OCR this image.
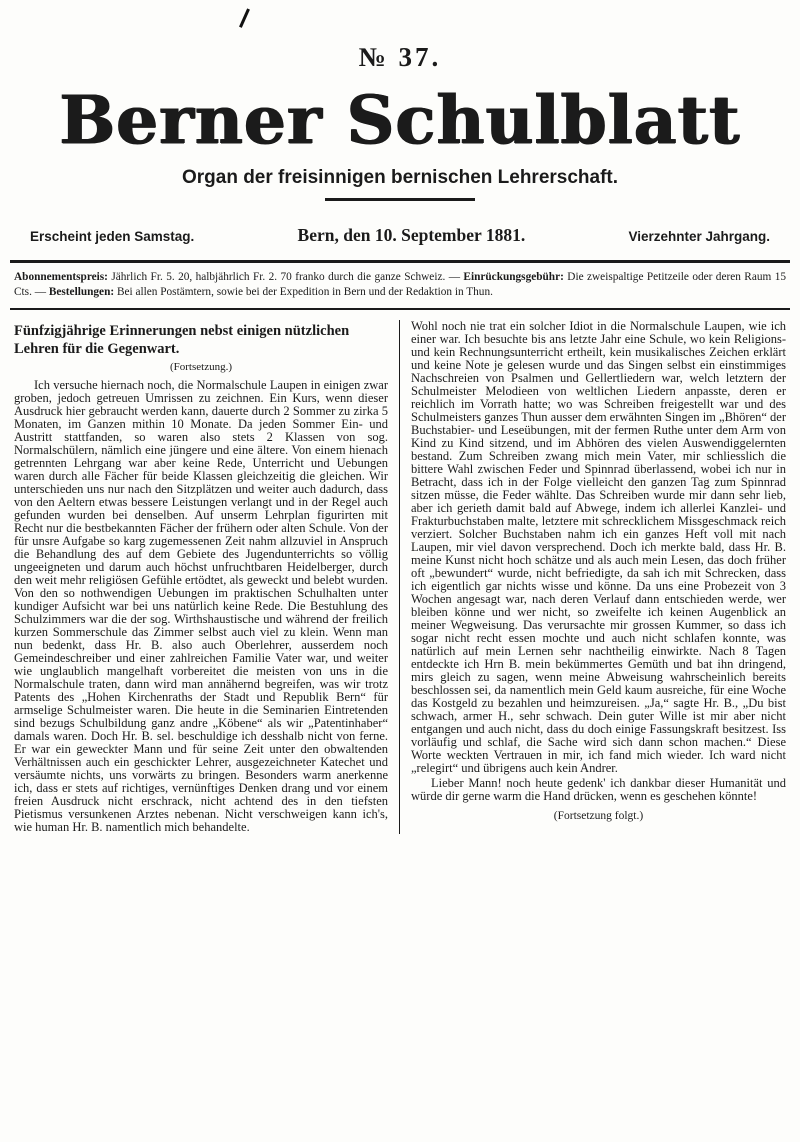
№ 37.
Berner Schulblatt
Organ der freisinnigen bernischen Lehrerschaft.
Erscheint jeden Samstag.	Bern, den 10. September 1881.	Vierzehnter Jahrgang.

Abonnementspreis: Jährlich Fr. 5. 20, halbjährlich Fr. 2. 70 franko durch die ganze Schweiz. — Einrückungsgebühr: Die zweispaltige Petitzeile oder deren Raum 15 Cts. — Bestellungen: Bei allen Postämtern, sowie bei der Expedition in Bern und der Redaktion in Thun.

Fünfzigjährige Erinnerungen nebst einigen nützlichen Lehren für die Gegenwart.
(Fortsetzung.)

Ich versuche hiernach noch, die Normalschule Laupen in einigen zwar groben, jedoch getreuen Umrissen zu zeichnen. Ein Kurs, wenn dieser Ausdruck hier gebraucht werden kann, dauerte durch 2 Sommer zu zirka 5 Monaten, im Ganzen mithin 10 Monate. Da jeden Sommer Ein- und Austritt stattfanden, so waren also stets 2 Klassen von sog. Normalschülern, nämlich eine jüngere und eine ältere. Von einem hienach getrennten Lehrgang war aber keine Rede, Unterricht und Uebungen waren durch alle Fächer für beide Klassen gleichzeitig die gleichen. Wir unterschieden uns nur nach den Sitzplätzen und weiter auch dadurch, dass von den Aeltern etwas bessere Leistungen verlangt und in der Regel auch gefunden wurden bei denselben. Auf unserm Lehrplan figurirten mit Recht nur die bestbekannten Fächer der frühern oder alten Schule. Von der für unsre Aufgabe so karg zugemessenen Zeit nahm allzuviel in Anspruch die Behandlung des auf dem Gebiete des Jugendunterrichts so völlig ungeeigneten und darum auch höchst unfruchtbaren Heidelberger, durch den weit mehr religiösen Gefühle ertödtet, als geweckt und belebt wurden. Von den so nothwendigen Uebungen im praktischen Schulhalten unter kundiger Aufsicht war bei uns natürlich keine Rede. Die Bestuhlung des Schulzimmers war die der sog. Wirthshaustische und während der freilich kurzen Sommerschule das Zimmer selbst auch viel zu klein. Wenn man nun bedenkt, dass Hr. B. also auch Oberlehrer, ausserdem noch Gemeindeschreiber und einer zahlreichen Familie Vater war, und weiter wie unglaublich mangelhaft vorbereitet die meisten von uns in die Normalschule traten, dann wird man annähernd begreifen, was wir trotz Patents des „Hohen Kirchenraths der Stadt und Republik Bern“ für armselige Schulmeister waren. Die heute in die Seminarien Eintretenden sind bezugs Schulbildung ganz andre „Köbene“ als wir „Patentinhaber“ damals waren. Doch Hr. B. sel. beschuldige ich desshalb nicht von ferne. Er war ein geweckter Mann und für seine Zeit unter den obwaltenden Verhältnissen auch ein geschickter Lehrer, ausgezeichneter Katechet und versäumte nichts, uns vorwärts zu bringen. Besonders warm anerkenne ich, dass er stets auf richtiges, vernünftiges Denken drang und vor einem freien Ausdruck nicht erschrack, nicht achtend des in den tiefsten Pietismus versunkenen Arztes nebenan. Nicht verschweigen kann ich's, wie human Hr. B. namentlich mich behandelte.

Wohl noch nie trat ein solcher Idiot in die Normalschule Laupen, wie ich einer war. Ich besuchte bis ans letzte Jahr eine Schule, wo kein Religions- und kein Rechnungsunterricht ertheilt, kein musikalisches Zeichen erklärt und keine Note je gelesen wurde und das Singen selbst ein einstimmiges Nachschreien von Psalmen und Gellertliedern war, welch letztern der Schulmeister Melodieen von weltlichen Liedern anpasste, deren er reichlich im Vorrath hatte; wo was Schreiben freigestellt war und des Schulmeisters ganzes Thun ausser dem erwähnten Singen im „Bhören“ der Buchstabier- und Leseübungen, mit der fermen Ruthe unter dem Arm von Kind zu Kind sitzend, und im Abhören des vielen Auswendiggelernten bestand. Zum Schreiben zwang mich mein Vater, mir schliesslich die bittere Wahl zwischen Feder und Spinnrad überlassend, wobei ich nur in Betracht, dass ich in der Folge vielleicht den ganzen Tag zum Spinnrad sitzen müsse, die Feder wählte. Das Schreiben wurde mir dann sehr lieb, aber ich gerieth damit bald auf Abwege, indem ich allerlei Kanzlei- und Frakturbuchstaben malte, letztere mit schrecklichem Missgeschmack reich verziert. Solcher Buchstaben nahm ich ein ganzes Heft voll mit nach Laupen, mir viel davon versprechend. Doch ich merkte bald, dass Hr. B. meine Kunst nicht hoch schätze und als auch mein Lesen, das doch früher oft „bewundert“ wurde, nicht befriedigte, da sah ich mit Schrecken, dass ich eigentlich gar nichts wisse und könne. Da uns eine Probezeit von 3 Wochen angesagt war, nach deren Verlauf dann entschieden werde, wer bleiben könne und wer nicht, so zweifelte ich keinen Augenblick an meiner Wegweisung. Das verursachte mir grossen Kummer, so dass ich sogar nicht recht essen mochte und auch nicht schlafen konnte, was natürlich auf mein Lernen sehr nachtheilig einwirkte. Nach 8 Tagen entdeckte ich Hrn B. mein bekümmertes Gemüth und bat ihn dringend, mirs gleich zu sagen, wenn meine Abweisung wahrscheinlich bereits beschlossen sei, da namentlich mein Geld kaum ausreiche, für eine Woche das Kostgeld zu bezahlen und heimzureisen. „Ja,“ sagte Hr. B., „Du bist schwach, armer H., sehr schwach. Dein guter Wille ist mir aber nicht entgangen und auch nicht, dass du doch einige Fassungskraft besitzest. Iss vorläufig und schlaf, die Sache wird sich dann schon machen.“ Diese Worte weckten Vertrauen in mir, ich fand mich wieder. Ich ward nicht „relegirt“ und übrigens auch kein Andrer.

Lieber Mann! noch heute gedenk' ich dankbar dieser Humanität und würde dir gerne warm die Hand drücken, wenn es geschehen könnte!

(Fortsetzung folgt.)
